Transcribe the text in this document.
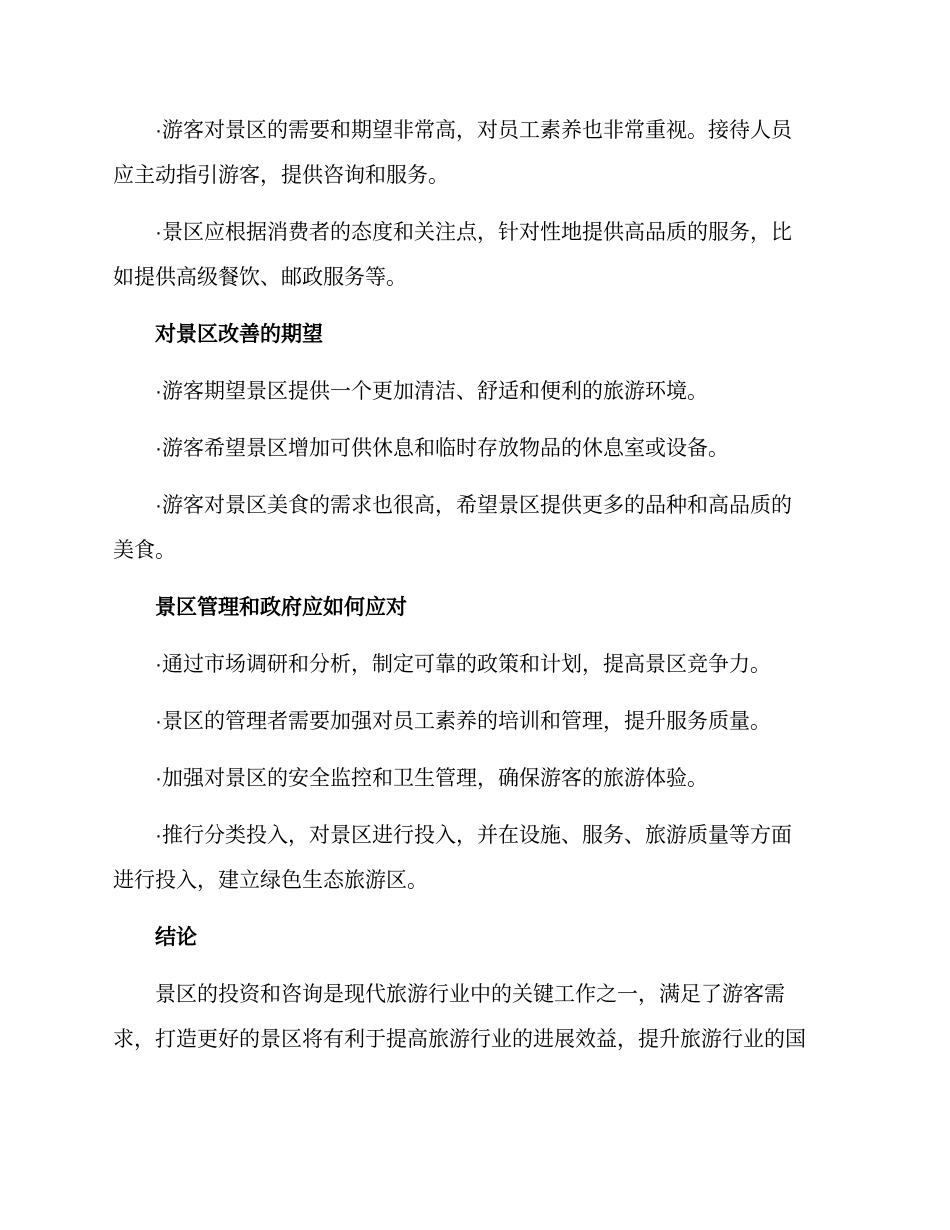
·游客对景区的需要和期望非常高，对员工素养也非常重视。接待人员
应主动指引游客，提供咨询和服务。
·景区应根据消费者的态度和关注点，针对性地提供高品质的服务，比
如提供高级餐饮、邮政服务等。
对景区改善的期望
·游客期望景区提供一个更加清洁、舒适和便利的旅游环境。
·游客希望景区增加可供休息和临时存放物品的休息室或设备。
·游客对景区美食的需求也很高，希望景区提供更多的品种和高品质的
美食。
景区管理和政府应如何应对
·通过市场调研和分析，制定可靠的政策和计划，提高景区竞争力。
·景区的管理者需要加强对员工素养的培训和管理，提升服务质量。
·加强对景区的安全监控和卫生管理，确保游客的旅游体验。
·推行分类投入，对景区进行投入，并在设施、服务、旅游质量等方面
进行投入，建立绿色生态旅游区。
结论
景区的投资和咨询是现代旅游行业中的关键工作之一，满足了游客需
求，打造更好的景区将有利于提高旅游行业的进展效益，提升旅游行业的国
